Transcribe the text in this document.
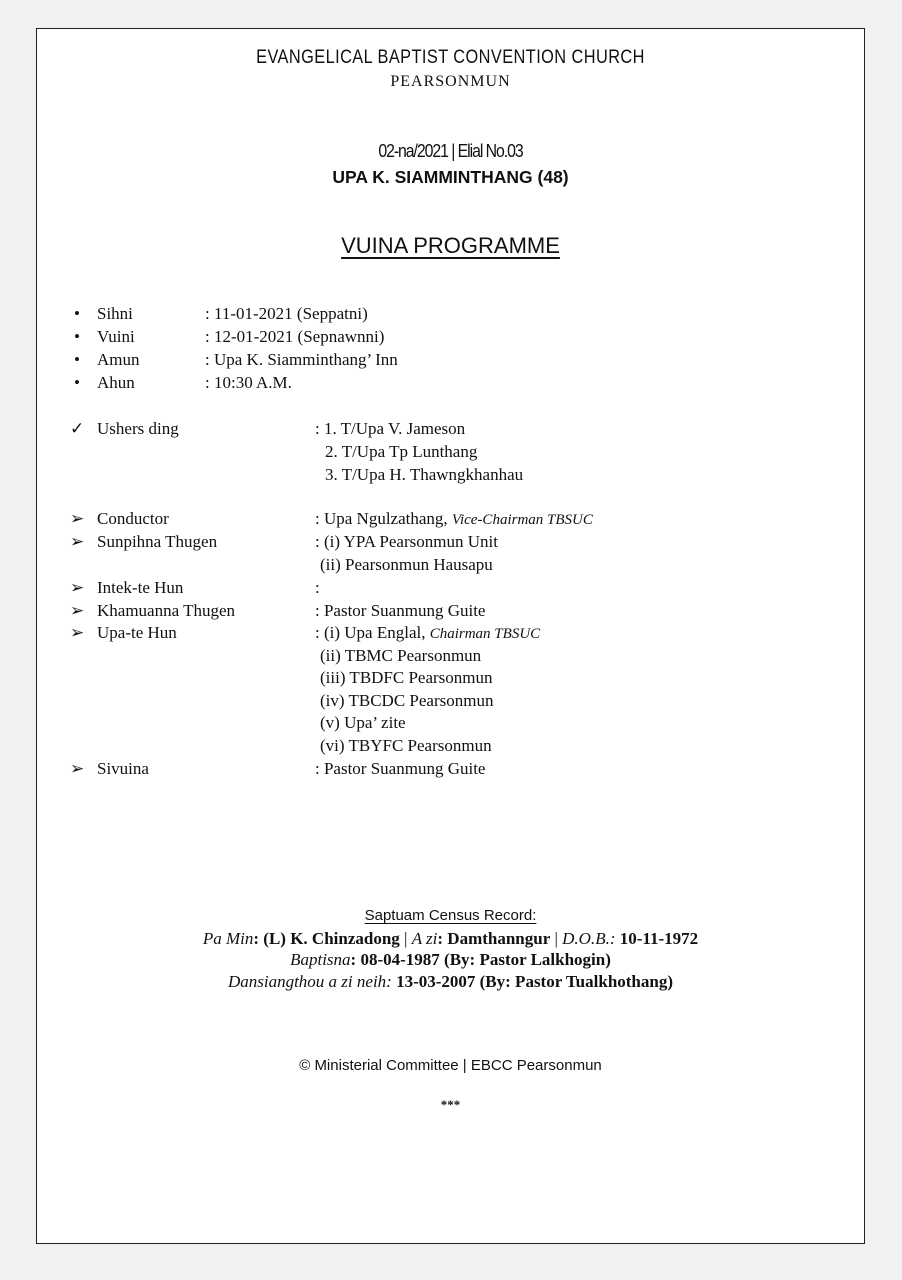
EVANGELICAL BAPTIST CONVENTION CHURCH
PEARSONMUN
02-na/2021 | Elial No.03
UPA K. SIAMMINTHANG (48)
VUINA PROGRAMME
• Sihni	: 11-01-2021 (Seppatni)
• Vuini	: 12-01-2021 (Sepnawnni)
• Amun	: Upa K. Siamminthang’ Inn
• Ahun	: 10:30 A.M.
✓ Ushers ding	: 1. T/Upa V. Jameson
2. T/Upa Tp Lunthang
3. T/Upa H. Thawngkhanhau
➢ Conductor	: Upa Ngulzathang, Vice-Chairman TBSUC
➢ Sunpihna Thugen	: (i) YPA Pearsonmun Unit
(ii) Pearsonmun Hausapu
➢ Intek-te Hun	:
➢ Khamuanna Thugen	: Pastor Suanmung Guite
➢ Upa-te Hun	: (i) Upa Englal, Chairman TBSUC
(ii) TBMC Pearsonmun
(iii) TBDFC Pearsonmun
(iv) TBCDC Pearsonmun
(v) Upa’ zite
(vi) TBYFC Pearsonmun
➢ Sivuina	: Pastor Suanmung Guite
Saptuam Census Record:
Pa Min: (L) K. Chinzadong | A zi: Damthanngur | D.O.B.: 10-11-1972
Baptisna: 08-04-1987 (By: Pastor Lalkhogin)
Dansiangthou a zi neih: 13-03-2007 (By: Pastor Tualkhothang)
© Ministerial Committee | EBCC Pearsonmun
***
